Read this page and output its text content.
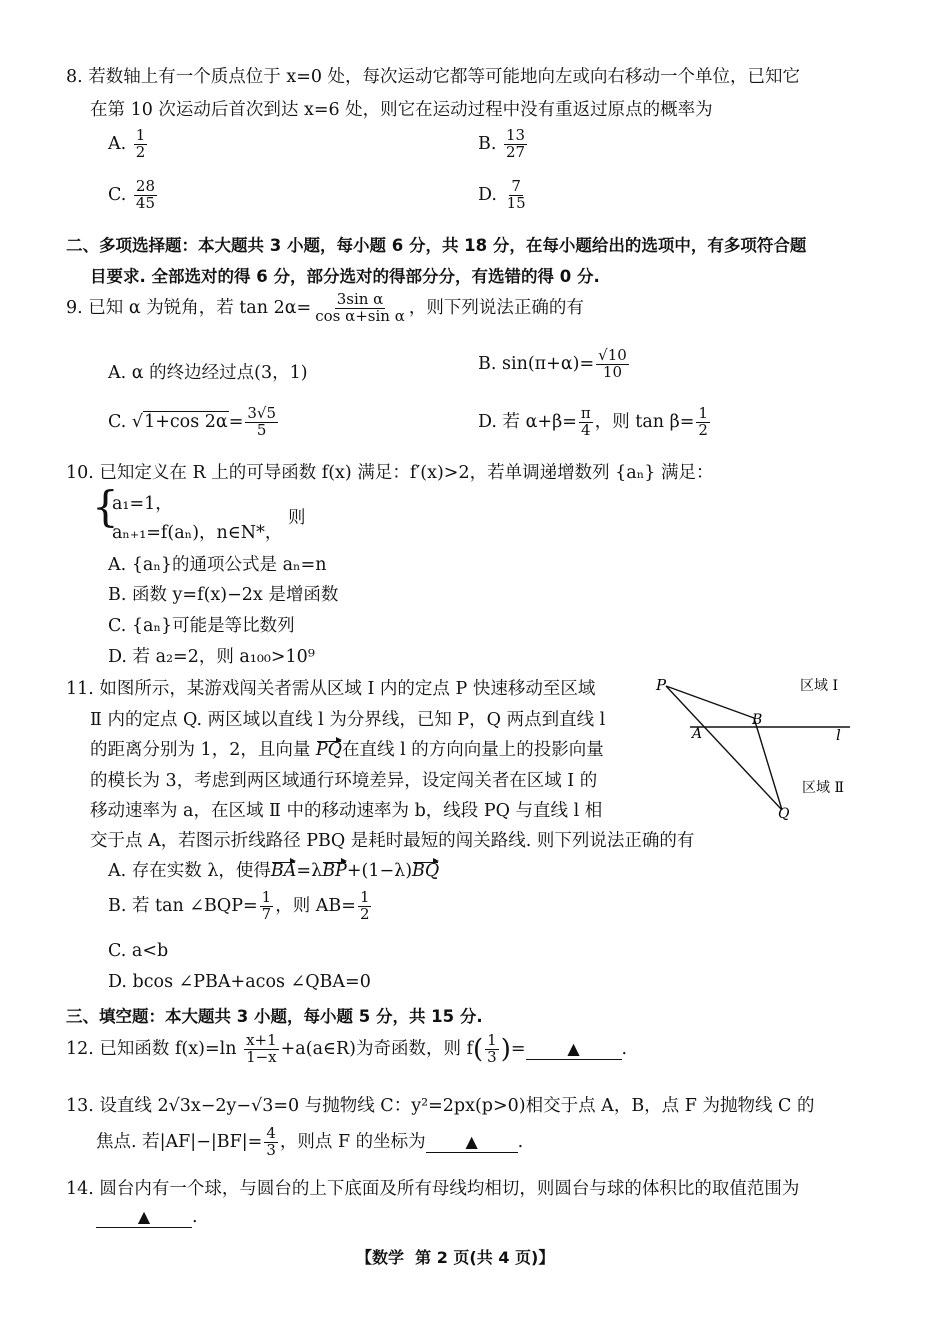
8. 若数轴上有一个质点位于 x=0 处，每次运动它都等可能地向左或向右移动一个单位，已知它
在第 10 次运动后首次到达 x=6 处，则它在运动过程中没有重返过原点的概率为
A. $\frac{1}{2}$	B. $\frac{13}{27}$
C. $\frac{28}{45}$	D. $\frac{7}{15}$
二、多项选择题：本大题共 3 小题，每小题 6 分，共 18 分，在每小题给出的选项中，有多项符合题
目要求. 全部选对的得 6 分，部分选对的得部分分，有选错的得 0 分.
9. 已知 α 为锐角，若 $\tan 2\alpha= \frac{\text{3sin α}}{\text{cos α+sin α}}$ ，则下列说法正确的有
A. α 的终边经过点(3，1)	B. $\sin(\pi+\alpha)= \frac{√10}{10}$
C. √1+cos $2\alpha= \frac{3√5}{5}$	D. 若 $\alpha+\beta= \frac{\pi}{4}$ ，则 $\tan \beta= \frac{1}{2}$
10. 已知定义在 R 上的可导函数 f(x) 满足：f′(x)>2，若单调递增数列 {aₙ} 满足：
{
a₁=1，
aₙ₊₁=f(aₙ)，n∈N*，
则
A. {aₙ}的通项公式是 aₙ=n
B. 函数 y=f(x)−2x 是增函数
C. {aₙ}可能是等比数列
D. 若 a₂=2，则 a₁₀₀>10⁹
11. 如图所示，某游戏闯关者需从区域 Ⅰ 内的定点 P 快速移动至区域
Ⅱ 内的定点 Q. 两区域以直线 l 为分界线，已知 P，Q 两点到直线 l
的距离分别为 1，2，且向量 PQ在直线 l 的方向向量上的投影向量
的模长为 3，考虑到两区域通行环境差异，设定闯关者在区域 Ⅰ 的
移动速率为 a，在区域 Ⅱ 中的移动速率为 b，线段 PQ 与直线 l 相
交于点 A，若图示折线路径 PBQ 是耗时最短的闯关路线. 则下列说法正确的有
P
B
A	l
Q
区域 Ⅰ
区域 Ⅱ
A. 存在实数 λ，使得BA=λBP+(1−λ)BQ
B. 若 tan ∠BQP= $\frac{1}{7}$ ，则 $AB= \frac{1}{2}$
C. a<b
D. bcos ∠PBA+acos ∠QBA=0
三、填空题：本大题共 3 小题，每小题 5 分，共 15 分.
12. 已知函数 $f(x)=\ln \frac{x+1}{1-x}$ +a(a∈R)为奇函数，则 $f( \frac{1}{3}$ )=	▲ .
13. 设直线 2√3x−2y−√3=0 与抛物线 C：y²=2px(p>0)相交于点 A，B，点 F 为抛物线 C 的
焦点. 若$|AF|-|BF|= \frac{4}{3}$ ，则点 F 的坐标为 ▲ .
14. 圆台内有一个球，与圆台的上下底面及所有母线均相切，则圆台与球的体积比的取值范围为
▲ .
【数学 第 2 页(共 4 页)】
